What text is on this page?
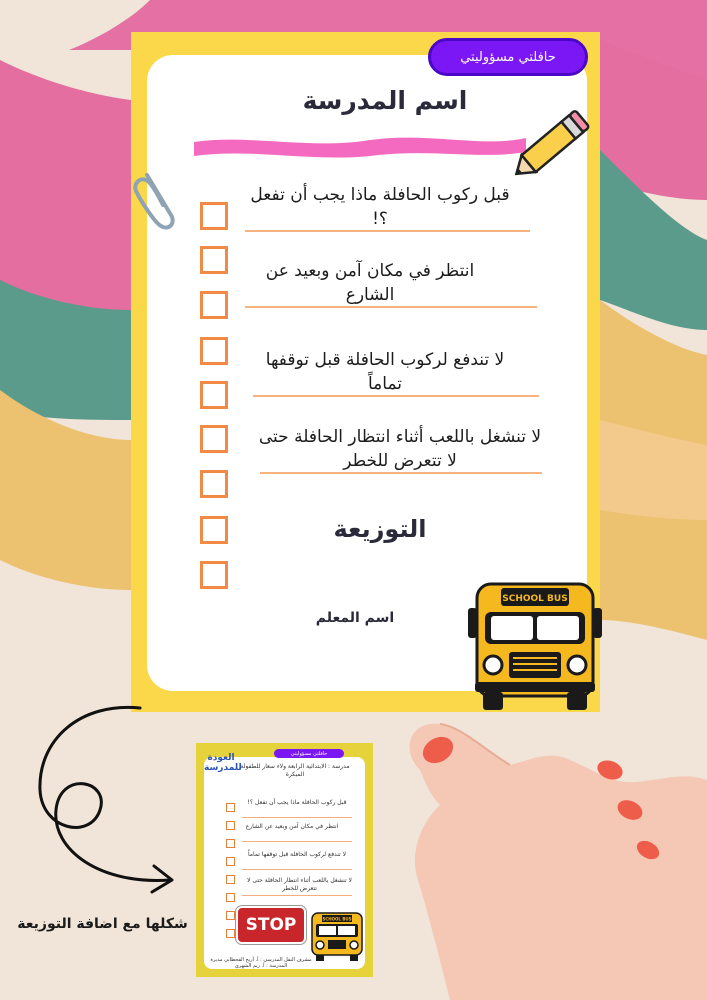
حافلتي مسؤوليتي
اسم المدرسة
قبل ركوب الحافلة ماذا يجب أن تفعل ؟!
انتظر في مكان آمن وبعيد عن الشارع
لا تندفع لركوب الحافلة قبل توقفها تماماً
لا تنشغل باللعب أثناء انتظار الحافلة حتى لا تتعرض للخطر
التوزيعة
اسم المعلم
SCHOOL BUS
شكلها مع اضافة التوزيعة
العودة للمدرسة
حافلتي مسؤوليتي
مدرسة : الابتدائية الرابعة ولاء سعار للطفولة المبكرة
قبل ركوب الحافلة ماذا يجب أن تفعل ؟!
انتظر في مكان آمن وبعيد عن الشارع
لا تندفع لركوب الحافلة قبل توقفها تماماً
لا تنشغل باللعب أثناء انتظار الحافلة حتى لا تتعرض للخطر
STOP	SCHOOL BUS
مشرف النقل المدرسي : أ. أريج القحطاني مديرة المدرسة : أ. ريم الشهري
